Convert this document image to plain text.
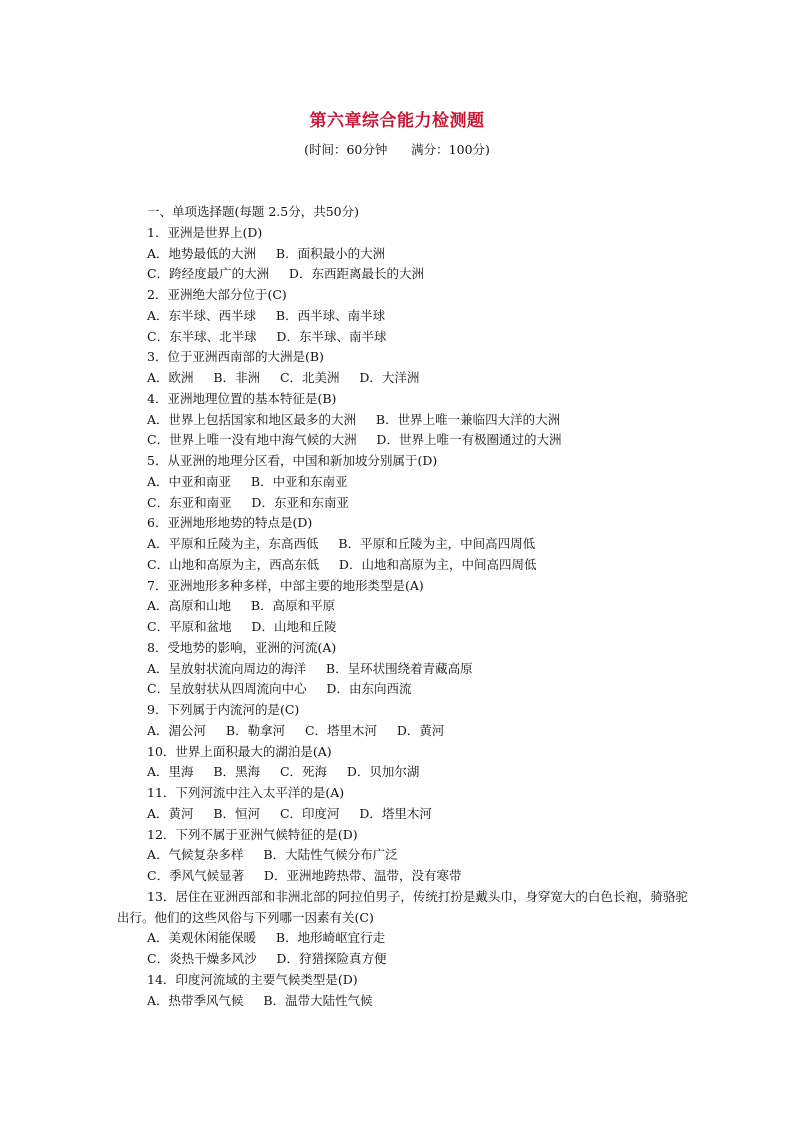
第六章综合能力检测题
(时间：60分钟      满分：100分)
一、单项选择题(每题 2.5分，共50分)
1．亚洲是世界上(D)
A．地势最低的大洲     B．面积最小的大洲
C．跨经度最广的大洲     D．东西距离最长的大洲
2．亚洲绝大部分位于(C)
A．东半球、西半球     B．西半球、南半球
C．东半球、北半球     D．东半球、南半球
3．位于亚洲西南部的大洲是(B)
A．欧洲     B．非洲     C．北美洲     D．大洋洲
4．亚洲地理位置的基本特征是(B)
A．世界上包括国家和地区最多的大洲     B．世界上唯一兼临四大洋的大洲
C．世界上唯一没有地中海气候的大洲     D．世界上唯一有极圈通过的大洲
5．从亚洲的地理分区看，中国和新加坡分别属于(D)
A．中亚和南亚     B．中亚和东南亚
C．东亚和南亚     D．东亚和东南亚
6．亚洲地形地势的特点是(D)
A．平原和丘陵为主，东高西低     B．平原和丘陵为主，中间高四周低
C．山地和高原为主，西高东低     D．山地和高原为主，中间高四周低
7．亚洲地形多种多样，中部主要的地形类型是(A)
A．高原和山地     B．高原和平原
C．平原和盆地     D．山地和丘陵
8．受地势的影响，亚洲的河流(A)
A．呈放射状流向周边的海洋     B．呈环状围绕着青藏高原
C．呈放射状从四周流向中心     D．由东向西流
9．下列属于内流河的是(C)
A．湄公河     B．勒拿河     C．塔里木河     D．黄河
10．世界上面积最大的湖泊是(A)
A．里海     B．黑海     C．死海     D．贝加尔湖
11．下列河流中注入太平洋的是(A)
A．黄河     B．恒河     C．印度河     D．塔里木河
12．下列不属于亚洲气候特征的是(D)
A．气候复杂多样     B．大陆性气候分布广泛
C．季风气候显著     D．亚洲地跨热带、温带，没有寒带
13．居住在亚洲西部和非洲北部的阿拉伯男子，传统打扮是戴头巾，身穿宽大的白色长袍，骑骆驼出行。他们的这些风俗与下列哪一因素有关(C)
A．美观休闲能保暖     B．地形崎岖宜行走
C．炎热干燥多风沙     D．狩猎探险真方便
14．印度河流域的主要气候类型是(D)
A．热带季风气候     B．温带大陆性气候
